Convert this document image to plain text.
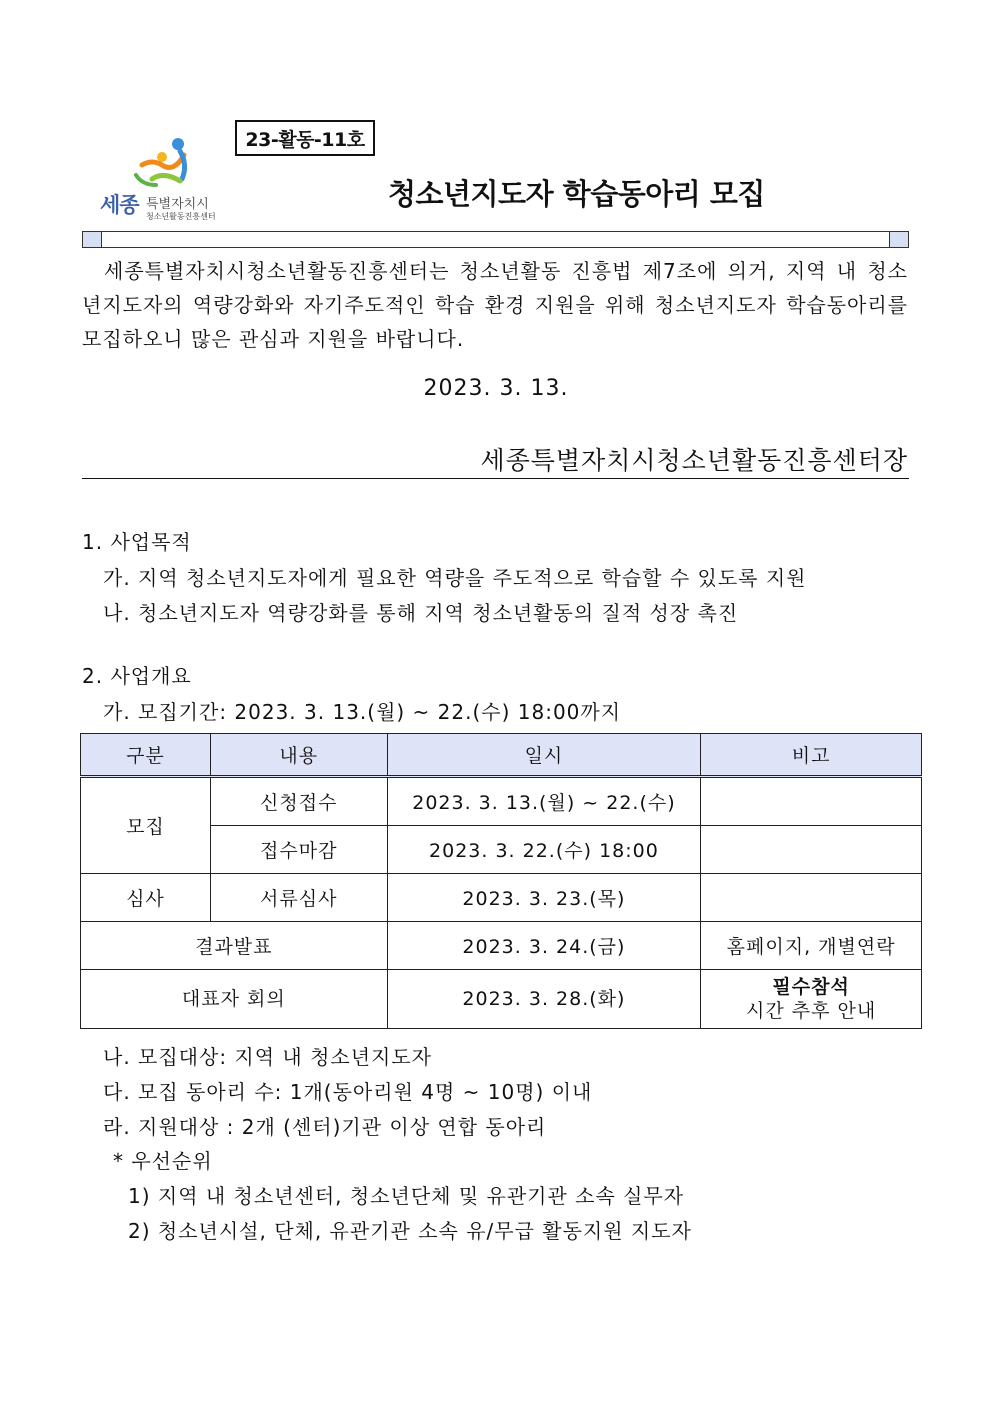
23-활동-11호
세종 특별자치시
청소년활동진흥센터
청소년지도자 학습동아리 모집
세종특별자치시청소년활동진흥센터는 청소년활동 진흥법 제7조에 의거, 지역 내 청소년지도자의 역량강화와 자기주도적인 학습 환경 지원을 위해 청소년지도자 학습동아리를 모집하오니 많은 관심과 지원을 바랍니다.
2023. 3. 13.
세종특별자치시청소년활동진흥센터장
1. 사업목적
가. 지역 청소년지도자에게 필요한 역량을 주도적으로 학습할 수 있도록 지원
나. 청소년지도자 역량강화를 통해 지역 청소년활동의 질적 성장 촉진
2. 사업개요
가. 모집기간: 2023. 3. 13.(월) ~ 22.(수) 18:00까지
구분	내용	일시	비고
모집	신청접수	2023. 3. 13.(월) ~ 22.(수)	
	접수마감	2023. 3. 22.(수) 18:00	
심사	서류심사	2023. 3. 23.(목)	
결과발표		2023. 3. 24.(금)	홈페이지, 개별연락
대표자 회의		2023. 3. 28.(화)	필수참석
시간 추후 안내
나. 모집대상: 지역 내 청소년지도자
다. 모집 동아리 수: 1개(동아리원 4명 ~ 10명) 이내
라. 지원대상 : 2개 (센터)기관 이상 연합 동아리
* 우선순위
1) 지역 내 청소년센터, 청소년단체 및 유관기관 소속 실무자
2) 청소년시설, 단체, 유관기관 소속 유/무급 활동지원 지도자
